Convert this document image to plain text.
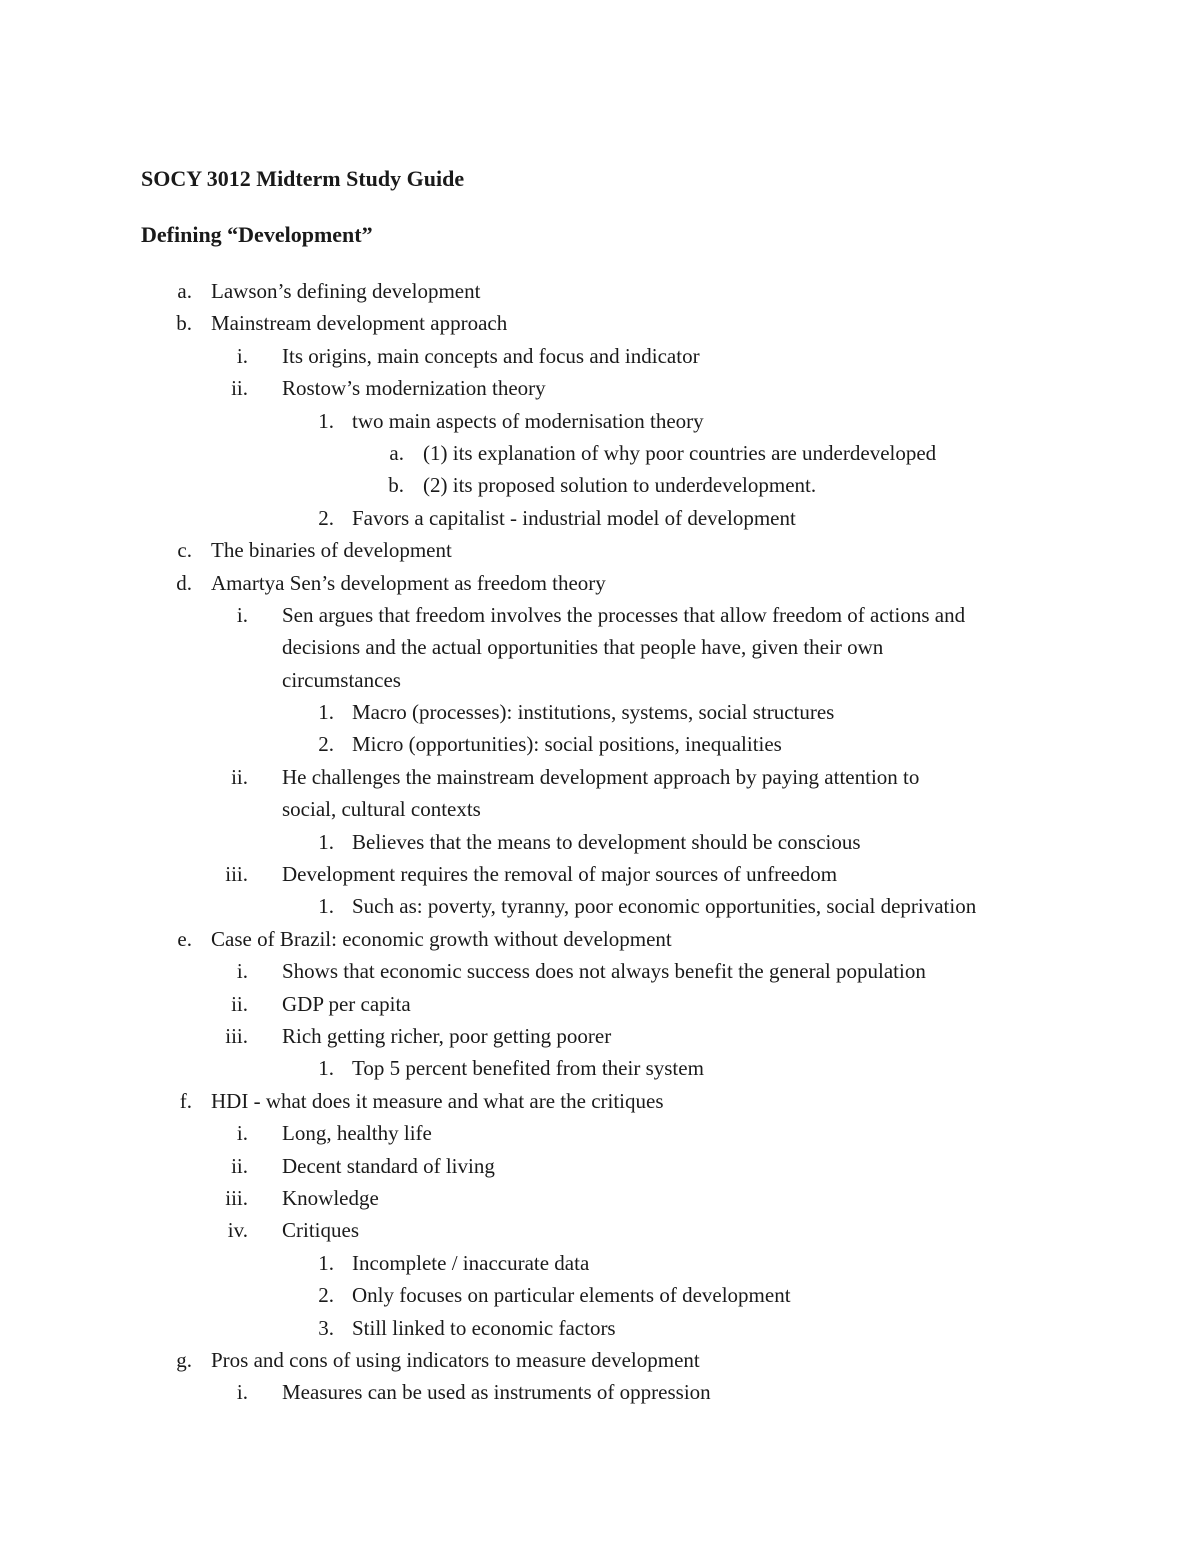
SOCY 3012 Midterm Study Guide
Defining “Development”
a. Lawson’s defining development
b. Mainstream development approach
i. Its origins, main concepts and focus and indicator
ii. Rostow’s modernization theory
1. two main aspects of modernisation theory
a. (1) its explanation of why poor countries are underdeveloped
b. (2) its proposed solution to underdevelopment.
2. Favors a capitalist - industrial model of development
c. The binaries of development
d. Amartya Sen’s development as freedom theory
i. Sen argues that freedom involves the processes that allow freedom of actions and
decisions and the actual opportunities that people have, given their own
circumstances
1. Macro (processes): institutions, systems, social structures
2. Micro (opportunities): social positions, inequalities
ii. He challenges the mainstream development approach by paying attention to
social, cultural contexts
1. Believes that the means to development should be conscious
iii. Development requires the removal of major sources of unfreedom
1. Such as: poverty, tyranny, poor economic opportunities, social deprivation
e. Case of Brazil: economic growth without development
i. Shows that economic success does not always benefit the general population
ii. GDP per capita
iii. Rich getting richer, poor getting poorer
1. Top 5 percent benefited from their system
f. HDI - what does it measure and what are the critiques
i. Long, healthy life
ii. Decent standard of living
iii. Knowledge
iv. Critiques
1. Incomplete / inaccurate data
2. Only focuses on particular elements of development
3. Still linked to economic factors
g. Pros and cons of using indicators to measure development
i. Measures can be used as instruments of oppression
